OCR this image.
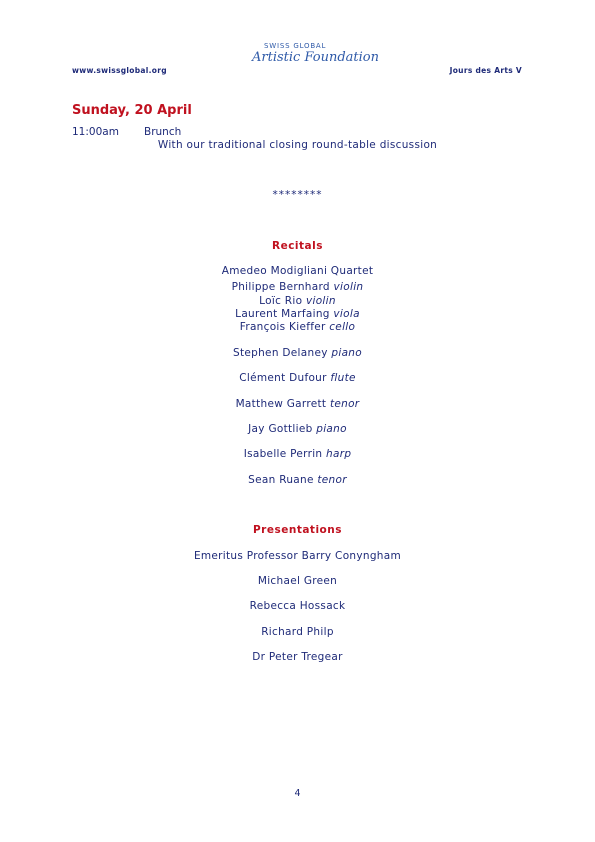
www.swissglobal.org
SWISS GLOBAL
Artistic Foundation
Jours des Arts V
Sunday, 20 April
11:00am Brunch
With our traditional closing round-table discussion
********
Recitals
Amedeo Modigliani Quartet
Philippe Bernhard violin
Loïc Rio violin
Laurent Marfaing viola
François Kieffer cello
Stephen Delaney piano
Clément Dufour flute
Matthew Garrett tenor
Jay Gottlieb piano
Isabelle Perrin harp
Sean Ruane tenor
Presentations
Emeritus Professor Barry Conyngham
Michael Green
Rebecca Hossack
Richard Philp
Dr Peter Tregear
4
